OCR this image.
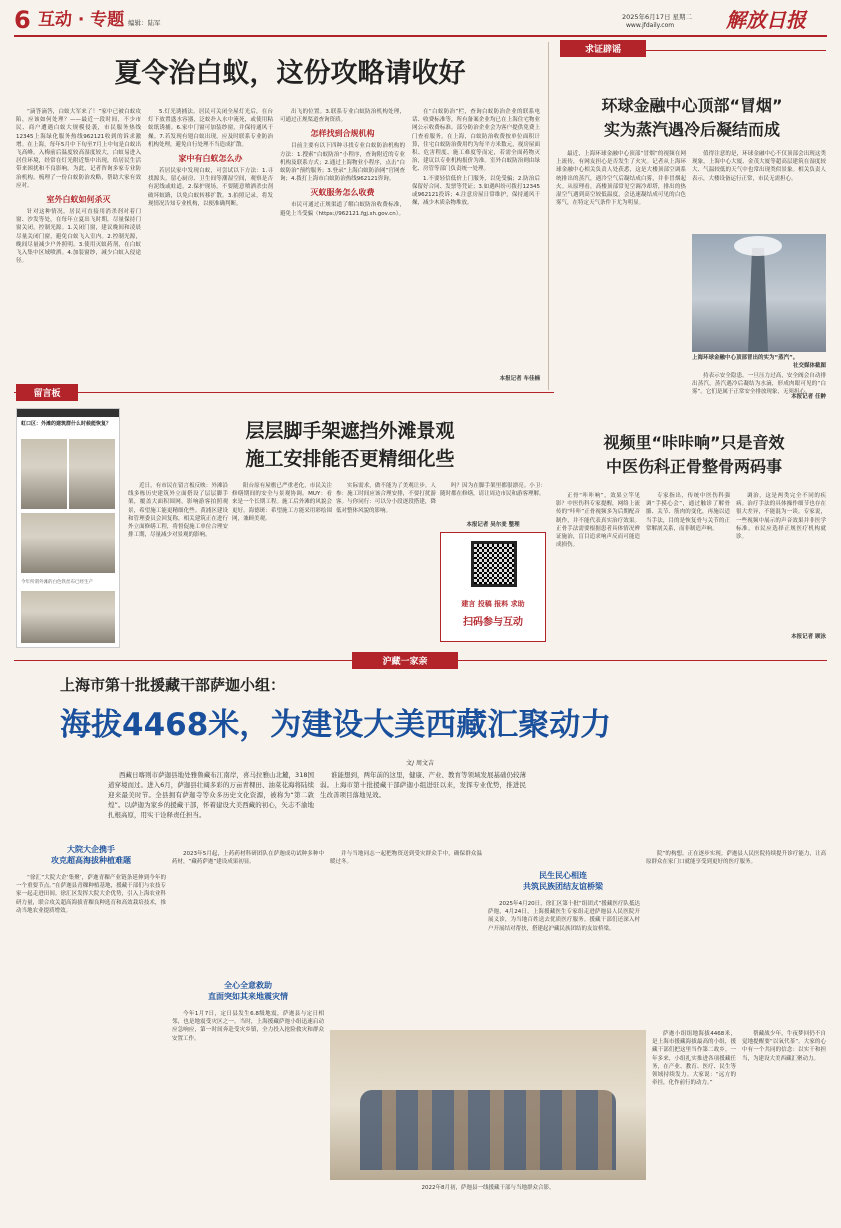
6 互动 · 专题 编辑：陆军
2025年6月17日 星期二
www.jfdaily.com	解放日报
夏令治白蚁，这份攻略请收好

“滴答滴答，白蚁大军来了！”家中已被白蚁攻陷，应该如何处理？——最近一段时间，不少市民、商户遭遇白蚁大规模侵袭，市民服务热线12345上海绿化服务热线962121收到的诉求激增。在上海，每年5月中下旬至7月上中旬是白蚁出飞高峰。入梅前后温度较高湿度较大，白蚁易进入居住环境，经常在灯光附近集中出现，给居民生活带来困扰和不良影响。为此，记者咨询多家专业防治机构，梳理了一份白蚁防治攻略，帮助大家有效应对。

室外白蚁如何杀灭

针对这种情况，居民可直接用消杀剂对着门窗、沙发等处，在每年立夏出飞时期，尽量保持门窗关闭，控制光源。1.关闭门窗，建议晚间和凌晨尽量关闭门窗，避免白蚁飞入室内。2.控制光源，晚间尽量减少户外照明。3.使用灭蚁药剂，在白蚁飞入集中区域喷洒。4.加装窗纱，减少白蚁入侵途径。

5.灯光诱捕法。居民可关闭全屋灯光后，在台灯下放置盛水容器，泛蚁扑入水中淹死，或使用粘蚁纸诱捕。6.家中门窗可加装纱窗，并保持通风干燥。7.若发现有翅白蚁出现，应及时联系专业防治机构处理，避免自行处理不当造成扩散。

家中有白蚁怎么办

若居民家中发现白蚁，可尝试以下方法：1.寻找源头，留心厨房、卫生间等潮湿空间，观察是否有泥线或蛀道。2.保护现场，不要随意喷洒杀虫剂破坏蚁路，以免白蚁转移扩散。3.拍照记录，将发现情况告知专业机构，以便准确判断。

出飞的位置。3.联系专业白蚁防治机构处理，可通过正规渠道查询资质。

怎样找到合规机构

目前主要有以下四种寻找专业白蚁防治机构的方法：1.搜索“白蚁防治”小程序，查询附近的专业机构及联系方式；2.通过上海物业小程序，点击“白蚁防治”预约服务；3.登录“上海白蚁防治网”官网查询；4.拨打上海市白蚁防治热线962121咨询。

灭蚁服务怎么收费

市民可通过正规渠道了解白蚁防治收费标准，避免上当受骗（https://962121.fgj.sh.gov.cn）。

在“白蚁防治”栏，查询白蚁防治企业的联系电话、收费标准等，所有备案企业均已在上海住宅物业网公示收费标准。部分防治企业会为客户提供免费上门查看服务。在上海，白蚁防治收费按单位面积计算，住宅白蚁防治费用约为每平方米数元，视房屋面积、危害程度、施工难度等而定，若需全面药物灭治，建议以专业机构报价为准。室外白蚁防治则由绿化、房管等部门负责统一处理。

1.不要轻信低价上门服务，以免受骗；2.防治后保留好合同、发票等凭证；3.如遇纠纷可拨打12345或962121投诉；4.注意房屋日常维护，保持通风干燥，减少木质杂物堆放。

本报记者 车佳楠
求证辟谣
环球金融中心顶部“冒烟”
实为蒸汽遇冷后凝结而成

最近，上海环球金融中心顶部“冒烟”的视频在网上流传，有网友担心是否发生了火灾。记者从上海环球金融中心相关负责人处获悉，这是大楼顶部空调系统排出的蒸汽，遇冷空气后凝结成白雾，并非冒烟起火。从原理看，高楼顶部常见空调冷却塔，排出的热湿空气遇到高空较低温度，会迅速凝结成可见的白色雾气，在特定天气条件下尤为明显。

值得注意的是，环球金融中心不仅顶部会出现这类现象，上海中心大厦、金茂大厦等超高层建筑在湿度较大、气温较低的天气中也常出现类似景象。相关负责人表示，大楼设备运行正常，市民无需担心。

上海环球金融中心顶部冒出的实为“蒸汽”。
社交媒体截图

持表示安全隐患。一旦压力过高，安全阀会自动排出蒸汽，蒸汽遇冷后凝结为水滴，形成肉眼可见的“白雾”。它们是属于正常安全排放现象，无须担心。

本报记者 任翀
留言板
层层脚手架遮挡外滩景观
施工安排能否更精细化些
虹口区：外滩的建筑群什么时候能恢复？
今年所谓外滩的白色铁丝布已经生产

近日，有市民在留言板反映：外滩沿线多栋历史建筑外立面搭设了层层脚手架，覆盖大面积围网，影响游客拍照观景，希望施工能更精细化些。黄浦区建设和管理委员会回复称，相关建筑正在进行外立面修缮工程，将督促施工单位合理安排工期，尽量减少对景观的影响。

阳台原有屋檐已严重老化，市民关注修缮期间的安全与景观协调。MUY：看来是一个长期工程。施工后外滩的风貌会更好。海德斑：希望施工方能采用彩绘围网，兼顾美观。

实际需求，做不能为了美观让步。人参：施工时间应该合理安排，不要打扰游客。与你同行：可以分小段逐段搭建，降低对整体风貌的影响。

吗？因为在脚手架里都很漂亮。小卫：随时都在修缮，请让周边市民和游客理解。

本报记者 吴尔麦 整理
建言 投稿 报料 求助
扫码参与互动
视频里“咔咔响”只是音效
中医伤科正骨整骨两码事

正骨“咔咔响”，效果立竿见影？中医伤科专家提醒，网络上流传的“咔咔”正骨视频多为后期配音制作，并不能代表真实治疗效果。正骨手法需要根据患者具体情况辨证施治，盲目追求响声反而可能造成损伤。

专家指出，传统中医伤科强调“手摸心会”，通过触诊了解骨骼、关节、筋肉的变化，再施以适当手法，目的是恢复骨与关节的正常解剖关系，而非制造声响。

调治，这是两类完全不同的疾病。治疗手法的具体操作细节也存在很大差异，不能混为一谈。专家说，一些视频中展示的声音效果并非医学标准，市民应选择正规医疗机构就诊。

本报记者 顾泳
沪藏一家亲
上海市第十批援藏干部萨迦小组：
海拔4468米，为建设大美西藏汇聚动力
文/ 周文吉

西藏日喀则市萨迦县地处雅鲁藏布江南岸，喜马拉雅山北麓，318国道穿境而过。进入6月，萨迦县壮阔多彩的万亩青稞田、油菜花海将陆续迎来最美时节。全县拥有萨迦寺等众多历史文化资源，被称为“第二敦煌”。以萨迦为家乡的援藏干部，怀着建设大美西藏的初心，矢志不渝地扎根高原，用实干诠释责任担当。

谁能想到，两年前的这里，健康、产业、教育等领域发展基础仍较薄弱。上海市第十批援藏干部萨迦小组进驻以来，发挥专业优势，推进民生改善项目落地见效。

大院大企携手
攻克超高海拔种植难题

“徐汇”大院大企‘集聚’，萨迦青稞产业链条延伸到今年的一个重要节点。”在萨迦县青稞种植基地，援藏干部们与农技专家一起走进田间。徐汇区发挥大院大企优势，引入上海农业科研力量，联合攻关超高海拔青稞良种选育和高效栽培技术，推动当地农业提质增效。

2023年5月起，上药药材科研团队在萨迦成功试种多种中药材，“藏药萨迦”建设成果初显。

全心全意救助
直面突如其来地震灾情

今年1月7日，定日县发生6.8级地震，萨迦县与定日相邻，也是地震受灾区之一。当时，上海援藏萨迦小组迅速启动应急响应，第一时间奔赴受灾乡镇，全力投入抢险救灾和群众安置工作。

并与当地同志一起把物资送到受灾群众手中，确保群众温暖过冬。

民生民心相连
共筑民族团结友谊桥梁

2025年4月20日，徐汇区第十批“组团式”援藏医疗队抵达萨迦，4月24日，上海援藏医生专家组走进萨迦县人民医院开展义诊，为当地百姓送去优质医疗服务。援藏干部们还深入村户开展结对帮扶，搭建起沪藏民族团结的友谊桥梁。

院”的构想。正在逐步实现。萨迦县人民医院持续提升诊疗能力，让高原群众在家门口就能享受到更好的医疗服务。

2022年8月初，萨迦县一线援藏干部与当地群众合影。

萨迦小组组地海拔4468米，是上海市援藏海拔最高的小组，援藏干部们把这里当作第二故乡。一年多来，小组扎实推进各项援藏任务，在产业、教育、医疗、民生等领域持续发力。大家说：“远方的牵挂，化作前行的动力。”

帮藏战少年，牛夜梦回仍不自觉地提醒要“以氧代茶”。大家的心中有一个共同的信念：以实干和担当，为建设大美西藏汇聚动力。
